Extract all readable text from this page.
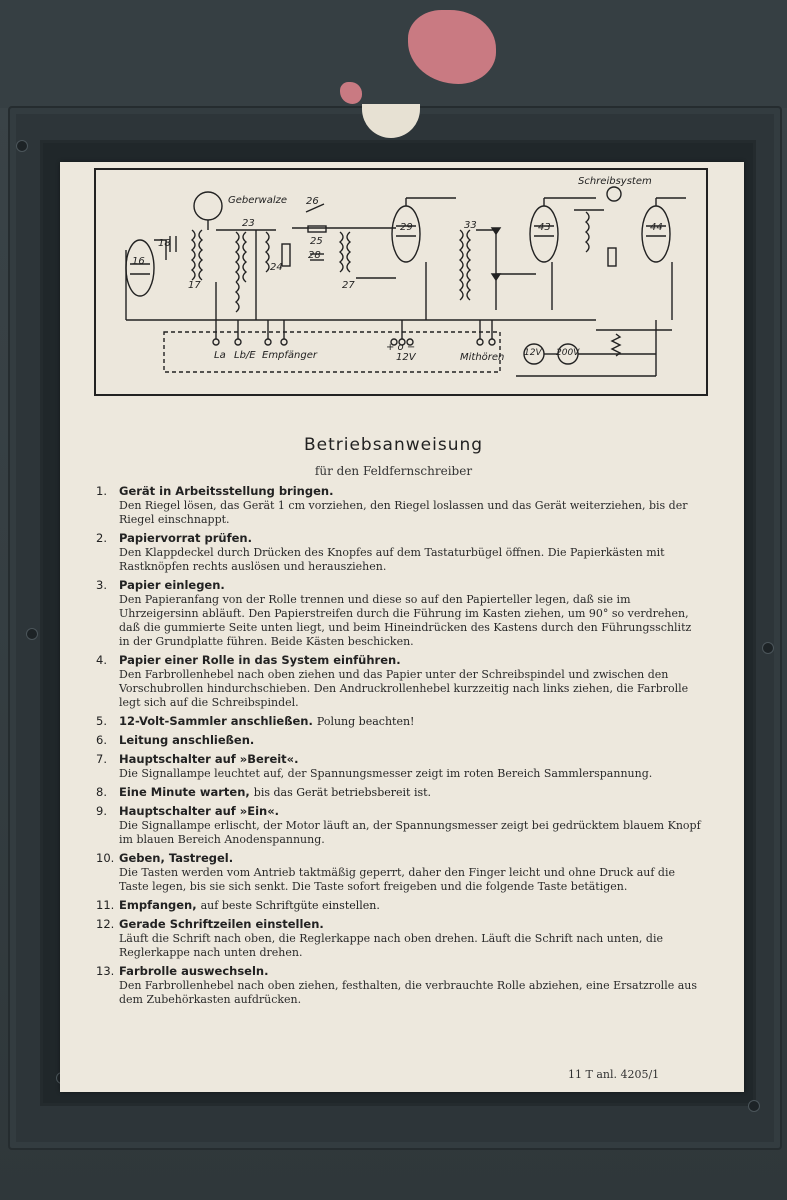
Geberwalze
Schreibsystem
16
18
17
23
24
26
25
28
27
29	33	43	44
La Lb/E Empfänger
+ o −
12V	Mithören 12V 200V
Betriebsanweisung
für den Feldfernschreiber
1. Gerät in Arbeitsstellung bringen.
Den Riegel lösen, das Gerät 1 cm vorziehen, den Riegel loslassen und das Gerät weiterziehen, bis der Riegel einschnappt.
2. Papiervorrat prüfen.
Den Klappdeckel durch Drücken des Knopfes auf dem Tastaturbügel öffnen. Die Papierkästen mit Rastknöpfen rechts auslösen und herausziehen.
3. Papier einlegen.
Den Papieranfang von der Rolle trennen und diese so auf den Papierteller legen, daß sie im Uhrzeigersinn abläuft. Den Papierstreifen durch die Führung im Kasten ziehen, um 90° so verdrehen, daß die gummierte Seite unten liegt, und beim Hineindrücken des Kastens durch den Führungsschlitz in der Grundplatte führen. Beide Kästen beschicken.
4. Papier einer Rolle in das System einführen.
Den Farbrollenhebel nach oben ziehen und das Papier unter der Schreibspindel und zwischen den Vorschubrollen hindurchschieben. Den Andruckrollenhebel kurzzeitig nach links ziehen, die Farbrolle legt sich auf die Schreibspindel.
5. 12-Volt-Sammler anschließen. Polung beachten!
6. Leitung anschließen.
7. Hauptschalter auf »Bereit«.
Die Signallampe leuchtet auf, der Spannungsmesser zeigt im roten Bereich Sammlerspannung.
8. Eine Minute warten, bis das Gerät betriebsbereit ist.
9. Hauptschalter auf »Ein«.
Die Signallampe erlischt, der Motor läuft an, der Spannungsmesser zeigt bei gedrücktem blauem Knopf im blauen Bereich Anodenspannung.
10. Geben, Tastregel.
Die Tasten werden vom Antrieb taktmäßig geperrt, daher den Finger leicht und ohne Druck auf die Taste legen, bis sie sich senkt. Die Taste sofort freigeben und die folgende Taste betätigen.
11. Empfangen, auf beste Schriftgüte einstellen.
12. Gerade Schriftzeilen einstellen.
Läuft die Schrift nach oben, die Reglerkappe nach oben drehen. Läuft die Schrift nach unten, die Reglerkappe nach unten drehen.
13. Farbrolle auswechseln.
Den Farbrollenhebel nach oben ziehen, festhalten, die verbrauchte Rolle abziehen, eine Ersatzrolle aus dem Zubehörkasten aufdrücken.
11 T anl. 4205/1
